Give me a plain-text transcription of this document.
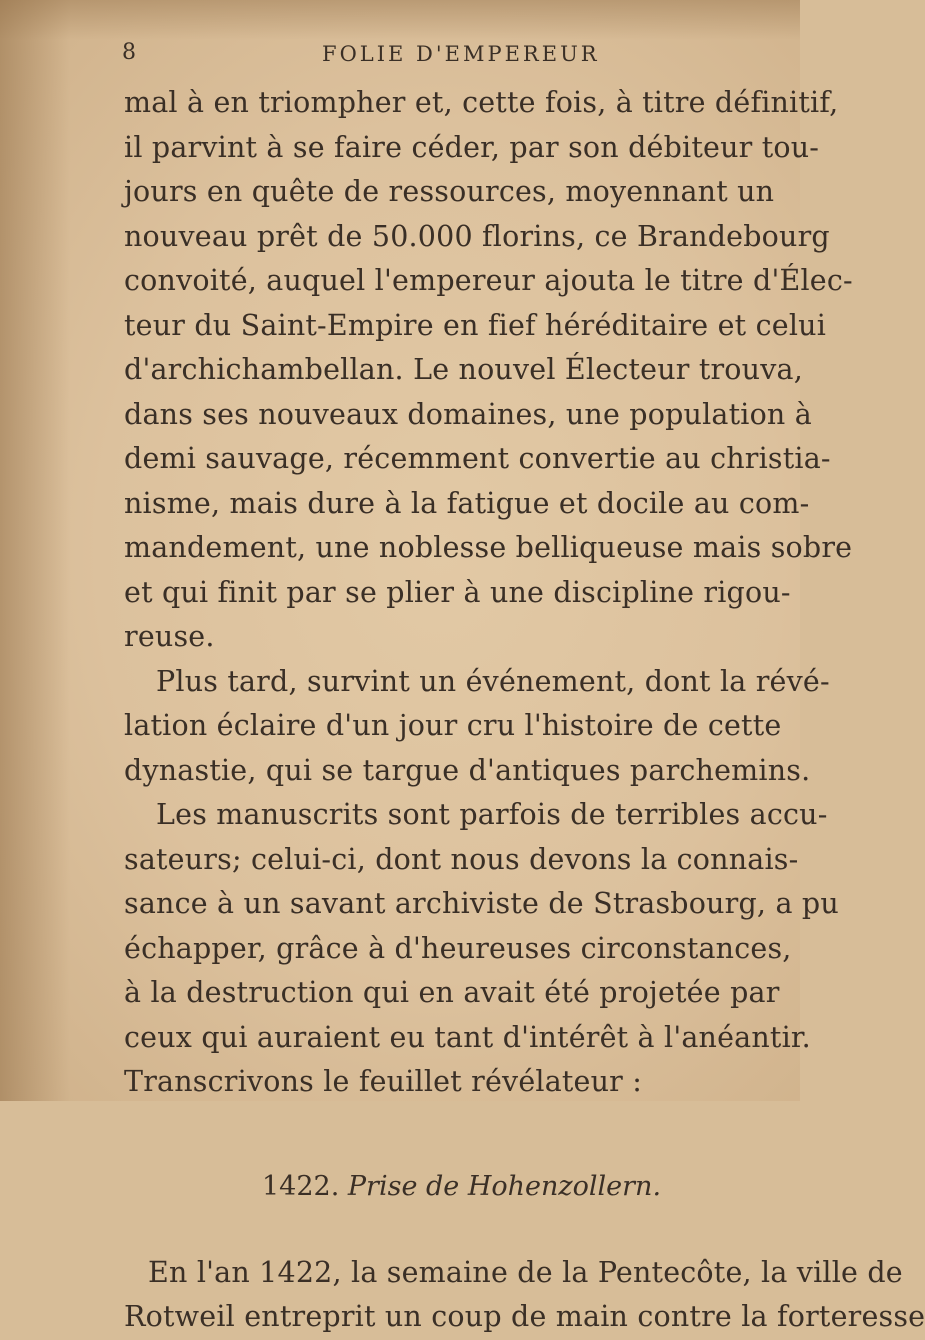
8	FOLIE D'EMPEREUR
mal à en triompher et, cette fois, à titre définitif,
il parvint à se faire céder, par son débiteur tou-
jours en quête de ressources, moyennant un
nouveau prêt de 50.000 florins, ce Brandebourg
convoité, auquel l'empereur ajouta le titre d'Élec-
teur du Saint-Empire en fief héréditaire et celui
d'archichambellan. Le nouvel Électeur trouva,
dans ses nouveaux domaines, une population à
demi sauvage, récemment convertie au christia-
nisme, mais dure à la fatigue et docile au com-
mandement, une noblesse belliqueuse mais sobre
et qui finit par se plier à une discipline rigou-
reuse.
Plus tard, survint un événement, dont la révé-
lation éclaire d'un jour cru l'histoire de cette
dynastie, qui se targue d'antiques parchemins.
Les manuscrits sont parfois de terribles accu-
sateurs; celui-ci, dont nous devons la connais-
sance à un savant archiviste de Strasbourg, a pu
échapper, grâce à d'heureuses circonstances,
à la destruction qui en avait été projetée par
ceux qui auraient eu tant d'intérêt à l'anéantir.
Transcrivons le feuillet révélateur :
1422. Prise de Hohenzollern.
En l'an 1422, la semaine de la Pentecôte, la ville de
Rotweil entreprit un coup de main contre la forteresse
